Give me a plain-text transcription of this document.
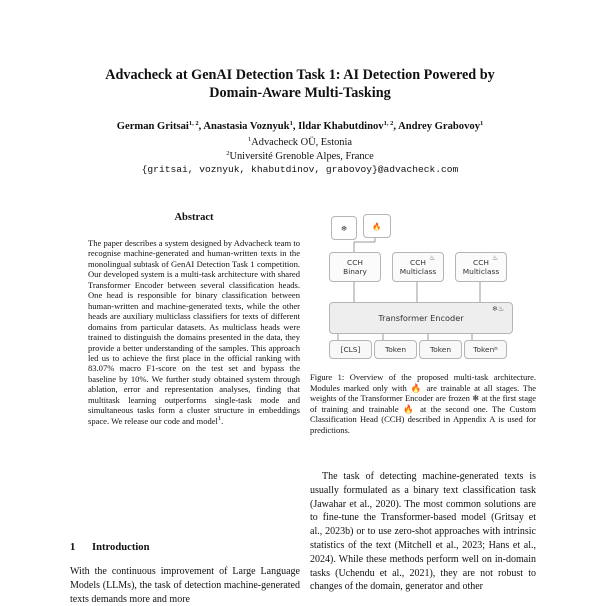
Advacheck at GenAI Detection Task 1: AI Detection Powered by
Domain-Aware Multi-Tasking
German Gritsai$^{1, 2}$, Anastasia Voznyuk$^1$, Ildar Khabutdinov$^{1, 2}$, Andrey Grabovoy$^1$
$^1$Advacheck OÜ, Estonia
$^2$Université Grenoble Alpes, France
{gritsai, voznyuk, khabutdinov, grabovoy}@advacheck.com
Abstract
The paper describes a system designed by Advacheck team to recognise machine-generated and human-written texts in the monolingual subtask of GenAI Detection Task 1 competition. Our developed system is a multi-task architecture with shared Transformer Encoder between several classification heads. One head is responsible for binary classification between human-written and machine-generated texts, while the other heads are auxiliary multiclass classifiers for texts of different domains from particular datasets. As multiclass heads were trained to distinguish the domains presented in the data, they provide a better understanding of the samples. This approach led us to achieve the first place in the official ranking with 83.07% macro F1-score on the test set and bypass the baseline by 10%. We further study obtained system through ablation, error and representation analyses, finding that multitask learning outperforms single-task mode and simultaneous tasks form a cluster structure in embeddings space. We release our code and model$^1$.
1 Introduction
With the continuous improvement of Large Language Models (LLMs), the task of detection machine-generated texts demands more and more
❄	🔥
CCH
Binary
CCH
Multiclass
CCH
Multiclass
♨	♨
Transformer Encoder
❄♨
[CLS]	Token	Token	Token n
Figure 1: Overview of the proposed multi-task architecture. Modules marked only with 🔥 are trainable at all stages. The weights of the Transformer Encoder are frozen ❄ at the first stage of training and trainable 🔥 at the second one. The Custom Classification Head (CCH) described in Appendix A is used for predictions.
The task of detecting machine-generated texts is usually formulated as a binary text classification task (Jawahar et al., 2020). The most common solutions are to fine-tune the Transformer-based model (Gritsay et al., 2023b) or to use zero-shot approaches with intrinsic statistics of the text (Mitchell et al., 2023; Hans et al., 2024). While these methods perform well on in-domain tasks (Uchendu et al., 2021), they are not robust to changes of the domain, generator and other
